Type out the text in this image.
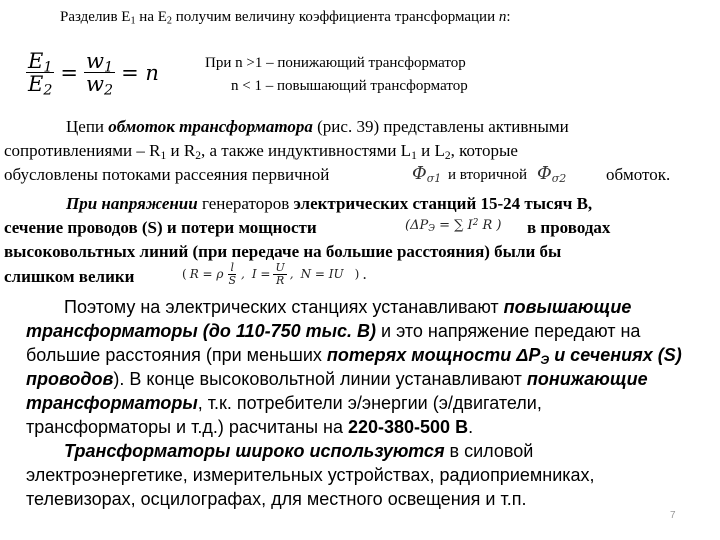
Разделив $E_1$ на $E_2$ получим величину коэффициента трансформации n:
$\frac{E_1}{E_2} = \frac{w_1}{w_2} = n$	При n >1 – понижающий трансформатор
n < 1 – повышающий трансформатор
Цепи обмоток трансформатора (рис. 39) представлены активными
сопротивлениями – $R_1$ и $R_2$, а также индуктивностями $L_1$ и $L_2$, которые
обусловлены потоками рассеяния первичной	$\Phi_{\sigma 1}$ и вторичной $\Phi_{\sigma 2}$ обмоток.
При напряжении генераторов электрических станций 15-24 тысяч В,
сечение проводов (S) и потери мощности	($\Delta P_Э$ = ∑ $I^2$ R ) в проводах
высоковольтных линий (при передаче на большие расстояния) были бы
слишком велики	( R = ρ $\frac{l}{S}$ , $I = \frac{U}{R}$ , N = IU ) .
Поэтому на электрических станциях устанавливают повышающие
трансформаторы (до 110-750 тыс. В) и это напряжение передают на
большие расстояния (при меньших потерях мощности $\Delta P_Э$ и сечениях (S)
проводов). В конце высоковольтной линии устанавливают понижающие
трансформаторы, т.к. потребители э/энергии (э/двигатели,
трансформаторы и т.д.) расчитаны на 220-380-500 В.
Трансформаторы широко используются в силовой
электроэнергетике, измерительных устройствах, радиоприемниках,
телевизорах, осцилографах, для местного освещения и т.п.
7
